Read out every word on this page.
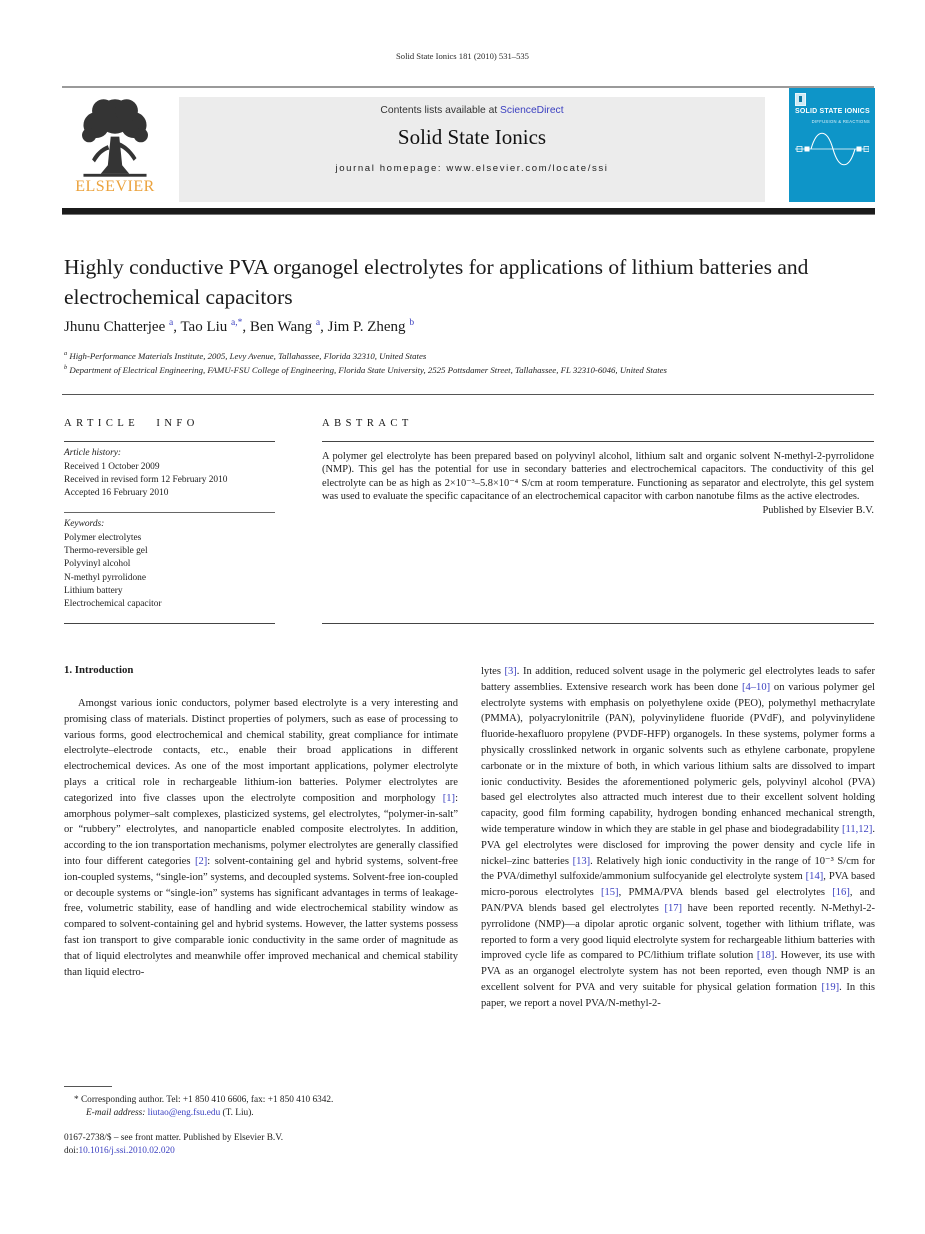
Solid State Ionics 181 (2010) 531–535
ELSEVIER
Contents lists available at ScienceDirect
Solid State Ionics
journal homepage: www.elsevier.com/locate/ssi
SOLID STATE IONICS
DIFFUSION & REACTIONS
Highly conductive PVA organogel electrolytes for applications of lithium batteries and electrochemical capacitors
Jhunu Chatterjee $^a$, Tao Liu $^{a,*}$, Ben Wang $^a$, Jim P. Zheng $^b$
$^a$ High-Performance Materials Institute, 2005, Levy Avenue, Tallahassee, Florida 32310, United States
$^b$ Department of Electrical Engineering, FAMU-FSU College of Engineering, Florida State University, 2525 Pottsdamer Street, Tallahassee, FL 32310-6046, United States
ARTICLE INFO
Article history:
Received 1 October 2009
Received in revised form 12 February 2010
Accepted 16 February 2010
Keywords:
Polymer electrolytes
Thermo-reversible gel
Polyvinyl alcohol
N-methyl pyrrolidone
Lithium battery
Electrochemical capacitor
ABSTRACT
A polymer gel electrolyte has been prepared based on polyvinyl alcohol, lithium salt and organic solvent N-methyl-2-pyrrolidone (NMP). This gel has the potential for use in secondary batteries and electrochemical capacitors. The conductivity of this gel electrolyte can be as high as 2×10⁻³–5.8×10⁻⁴ S/cm at room temperature. Functioning as separator and electrolyte, this gel system was used to evaluate the specific capacitance of an electrochemical capacitor with carbon nanotube films as the active electrodes.
Published by Elsevier B.V.
1. Introduction
Amongst various ionic conductors, polymer based electrolyte is a very interesting and promising class of materials. Distinct properties of polymers, such as ease of processing to various forms, good electrochemical and chemical stability, great compliance for intimate electrolyte–electrode contacts, etc., enable their broad applications in different electrochemical devices. As one of the most important applications, polymer electrolyte plays a critical role in rechargeable lithium-ion batteries. Polymer electrolytes are categorized into five classes upon the electrolyte composition and morphology [1]: amorphous polymer–salt complexes, plasticized systems, gel electrolytes, “polymer-in-salt” or “rubbery” electrolytes, and nanoparticle enabled composite electrolytes. In addition, according to the ion transportation mechanisms, polymer electrolytes are generally classified into four different categories [2]: solvent-containing gel and hybrid systems, solvent-free ion-coupled systems, “single-ion” systems, and decoupled systems. Solvent-free ion-coupled or decouple systems or “single-ion” systems has significant advantages in terms of leakage-free, volumetric stability, ease of handling and wide electrochemical stability window as compared to solvent-containing gel and hybrid systems. However, the latter systems possess fast ion transport to give comparable ionic conductivity in the same order of magnitude as that of liquid electrolytes and meanwhile offer improved mechanical and chemical stability than liquid electro-
lytes [3]. In addition, reduced solvent usage in the polymeric gel electrolytes leads to safer battery assemblies. Extensive research work has been done [4–10] on various polymer gel electrolyte systems with emphasis on polyethylene oxide (PEO), polymethyl methacrylate (PMMA), polyacrylonitrile (PAN), polyvinylidene fluoride (PVdF), and polyvinylidene fluoride-hexafluoro propylene (PVDF-HFP) organogels. In these systems, polymer forms a physically crosslinked network in organic solvents such as ethylene carbonate, propylene carbonate or in the mixture of both, in which various lithium salts are dissolved to impart ionic conductivity. Besides the aforementioned polymeric gels, polyvinyl alcohol (PVA) based gel electrolytes also attracted much interest due to their excellent solvent holding capacity, good film forming capability, hydrogen bonding enhanced mechanical strength, wide temperature window in which they are stable in gel phase and biodegradability [11,12]. PVA gel electrolytes were disclosed for improving the power density and cycle life in nickel–zinc batteries [13]. Relatively high ionic conductivity in the range of 10⁻³ S/cm for the PVA/dimethyl sulfoxide/ammonium sulfocyanide gel electrolyte system [14], PVA based micro-porous electrolytes [15], PMMA/PVA blends based gel electrolytes [16], and PAN/PVA blends based gel electrolytes [17] have been reported recently. N-Methyl-2-pyrrolidone (NMP)—a dipolar aprotic organic solvent, together with lithium triflate, was reported to form a very good liquid electrolyte system for rechargeable lithium batteries with improved cycle life as compared to PC/lithium triflate solution [18]. However, its use with PVA as an organogel electrolyte system has not been reported, even though NMP is an excellent solvent for PVA and very suitable for physical gelation formation [19]. In this paper, we report a novel PVA/N-methyl-2-
* Corresponding author. Tel: +1 850 410 6606, fax: +1 850 410 6342.
E-mail address: liutao@eng.fsu.edu (T. Liu).
0167-2738/$ – see front matter. Published by Elsevier B.V.
doi:10.1016/j.ssi.2010.02.020
